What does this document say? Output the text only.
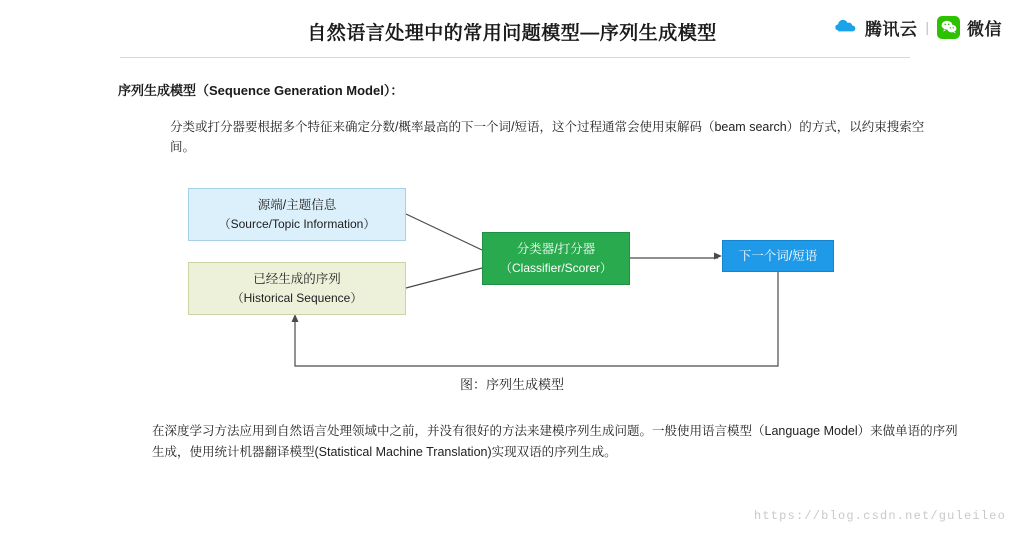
自然语言处理中的常用问题模型—序列生成模型	腾讯云 | 微信
序列生成模型（Sequence Generation Model）：
分类或打分器要根据多个特征来确定分数/概率最高的下一个词/短语，这个过程通常会使用束解码（beam search）的方式，以约束搜索空间。
源端/主题信息
（Source/Topic Information）
已经生成的序列
（Historical Sequence）
分类器/打分器
（Classifier/Scorer）
下一个词/短语
图：序列生成模型
在深度学习方法应用到自然语言处理领域中之前，并没有很好的方法来建模序列生成问题。一般使用语言模型（Language Model）来做单语的序列生成，使用统计机器翻译模型(Statistical Machine Translation)实现双语的序列生成。
https://blog.csdn.net/guleileo
